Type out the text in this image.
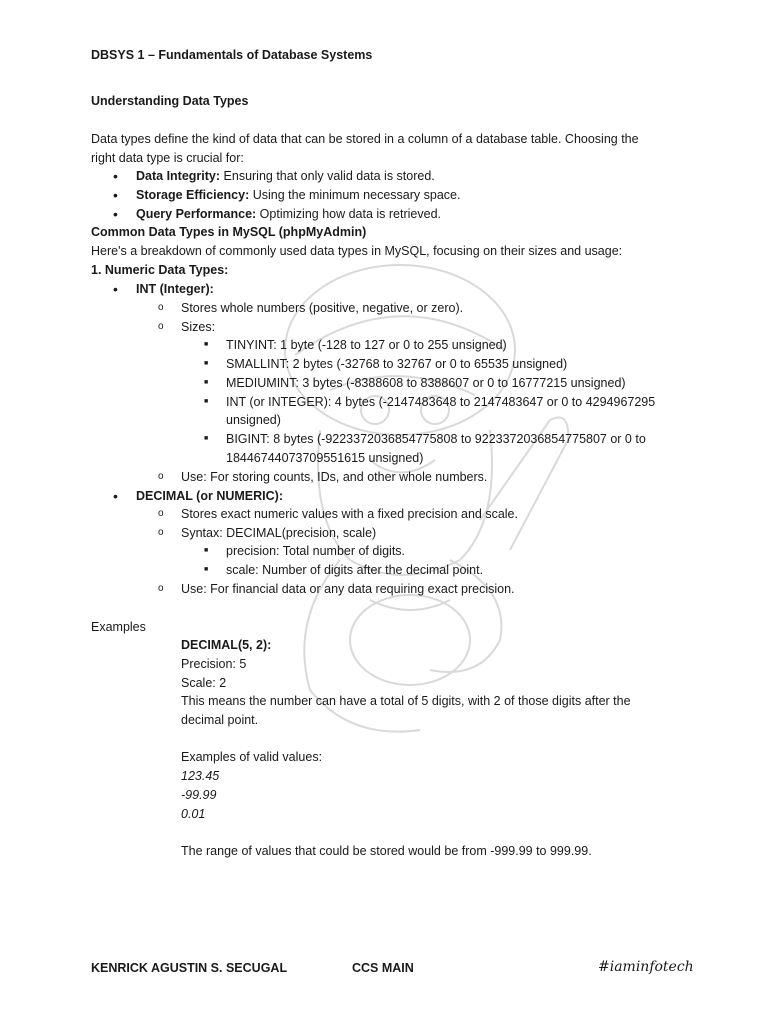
DBSYS 1 – Fundamentals of Database Systems
Understanding Data Types
Data types define the kind of data that can be stored in a column of a database table. Choosing the
right data type is crucial for:
• Data Integrity: Ensuring that only valid data is stored.
• Storage Efficiency: Using the minimum necessary space.
• Query Performance: Optimizing how data is retrieved.
Common Data Types in MySQL (phpMyAdmin)
Here's a breakdown of commonly used data types in MySQL, focusing on their sizes and usage:
1. Numeric Data Types:
• INT (Integer):
o Stores whole numbers (positive, negative, or zero).
o Sizes:
■ TINYINT: 1 byte (-128 to 127 or 0 to 255 unsigned)
■ SMALLINT: 2 bytes (-32768 to 32767 or 0 to 65535 unsigned)
■ MEDIUMINT: 3 bytes (-8388608 to 8388607 or 0 to 16777215 unsigned)
■ INT (or INTEGER): 4 bytes (-2147483648 to 2147483647 or 0 to 4294967295
unsigned)
■ BIGINT: 8 bytes (-9223372036854775808 to 9223372036854775807 or 0 to
18446744073709551615 unsigned)
o Use: For storing counts, IDs, and other whole numbers.
• DECIMAL (or NUMERIC):
o Stores exact numeric values with a fixed precision and scale.
o Syntax: DECIMAL(precision, scale)
■ precision: Total number of digits.
■ scale: Number of digits after the decimal point.
o Use: For financial data or any data requiring exact precision.
Examples
DECIMAL(5, 2):
Precision: 5
Scale: 2
This means the number can have a total of 5 digits, with 2 of those digits after the
decimal point.
Examples of valid values:
123.45
-99.99
0.01
The range of values that could be stored would be from -999.99 to 999.99.
KENRICK AGUSTIN S. SECUGAL	CCS MAIN	#iaminfotech
